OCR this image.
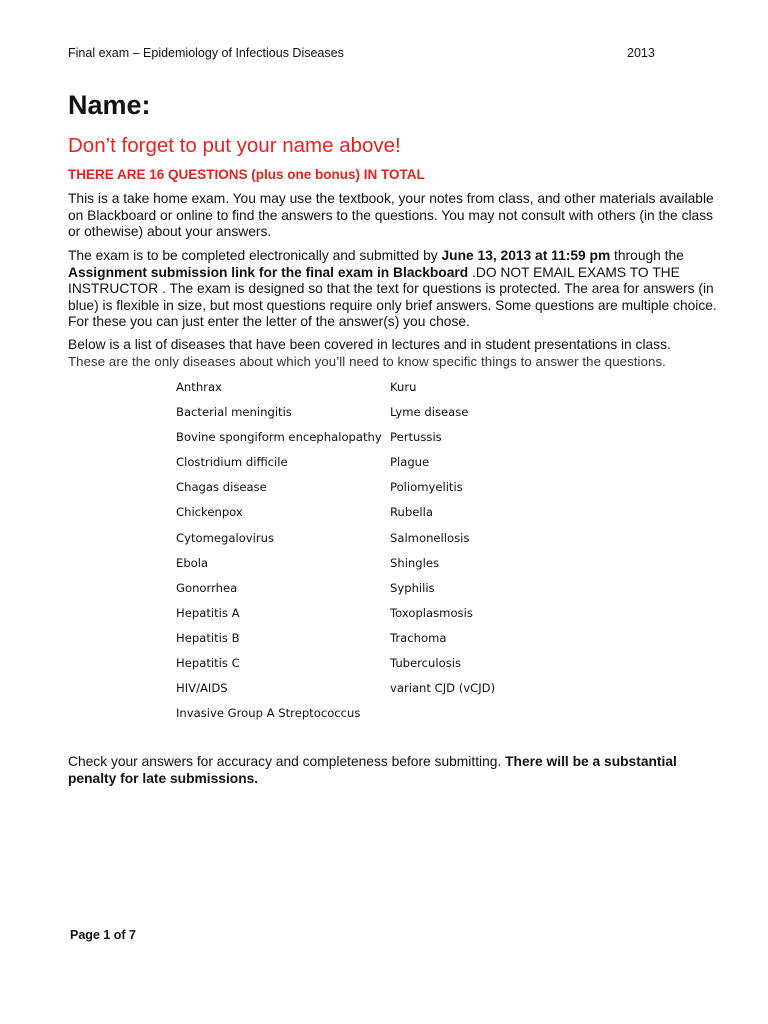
Final exam – Epidemiology of Infectious Diseases	2013
Name:
Don’t forget to put your name above!
THERE ARE 16 QUESTIONS (plus one bonus) IN TOTAL
This is a take home exam. You may use the textbook, your notes from class, and other materials available on Blackboard or online to find the answers to the questions. You may not consult with others (in the class or othewise) about your answers.
The exam is to be completed electronically and submitted by June 13, 2013 at 11:59 pm through the Assignment submission link for the final exam in Blackboard .DO NOT EMAIL EXAMS TO THE INSTRUCTOR . The exam is designed so that the text for questions is protected. The area for answers (in blue) is flexible in size, but most questions require only brief answers. Some questions are multiple choice. For these you can just enter the letter of the answer(s) you chose.
Below is a list of diseases that have been covered in lectures and in student presentations in class.
These are the only diseases about which you’ll need to know specific things to answer the questions.
Anthrax
Bacterial meningitis
Bovine spongiform encephalopathy
Clostridium difficile
Chagas disease
Chickenpox
Cytomegalovirus
Ebola
Gonorrhea
Hepatitis A
Hepatitis B
Hepatitis C
HIV/AIDS
Invasive Group A Streptococcus
Kuru
Lyme disease
Pertussis
Plague
Poliomyelitis
Rubella
Salmonellosis
Shingles
Syphilis
Toxoplasmosis
Trachoma
Tuberculosis
variant CJD (vCJD)
Check your answers for accuracy and completeness before submitting. There will be a substantial penalty for late submissions.
Page 1 of 7
